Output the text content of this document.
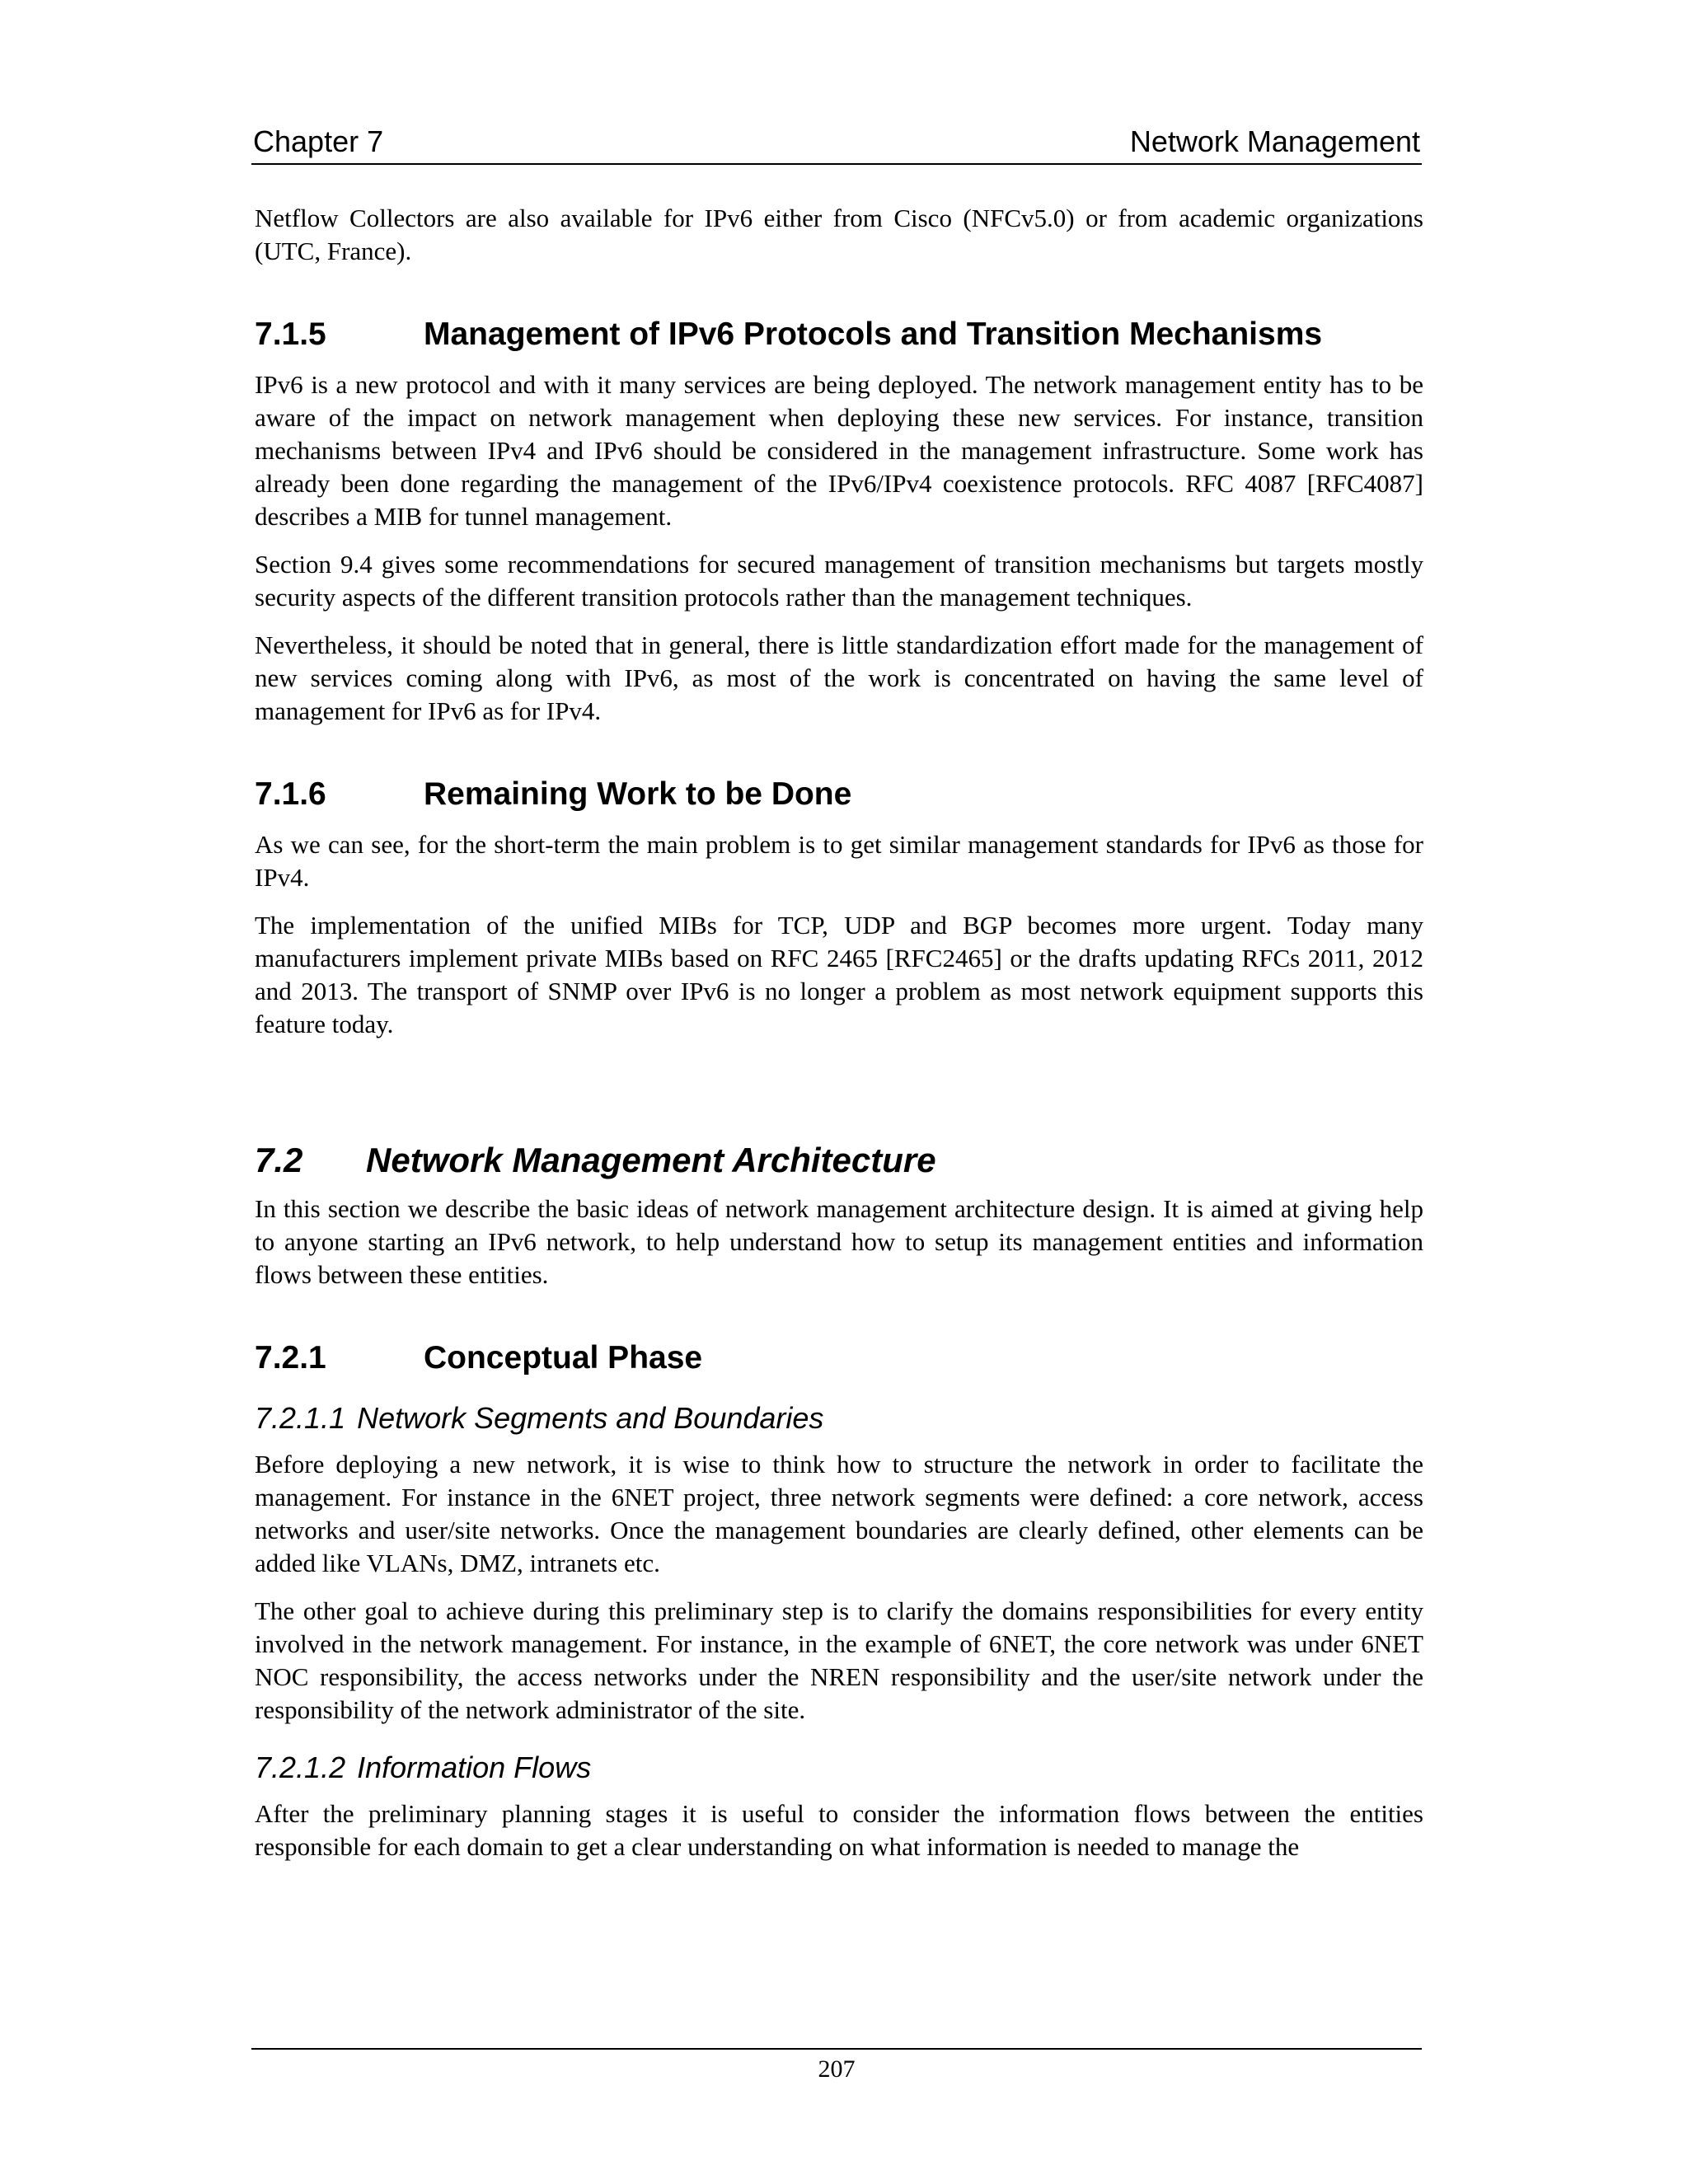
Chapter 7	Network Management

Netflow Collectors are also available for IPv6 either from Cisco (NFCv5.0) or from academic organizations (UTC, France).

7.1.5	Management of IPv6 Protocols and Transition Mechanisms

IPv6 is a new protocol and with it many services are being deployed. The network management entity has to be aware of the impact on network management when deploying these new services. For instance, transition mechanisms between IPv4 and IPv6 should be considered in the management infrastructure. Some work has already been done regarding the management of the IPv6/IPv4 coexistence protocols. RFC 4087 [RFC4087] describes a MIB for tunnel management.

Section 9.4 gives some recommendations for secured management of transition mechanisms but targets mostly security aspects of the different transition protocols rather than the management techniques.

Nevertheless, it should be noted that in general, there is little standardization effort made for the management of new services coming along with IPv6, as most of the work is concentrated on having the same level of management for IPv6 as for IPv4.

7.1.6	Remaining Work to be Done

As we can see, for the short-term the main problem is to get similar management standards for IPv6 as those for IPv4.

The implementation of the unified MIBs for TCP, UDP and BGP becomes more urgent. Today many manufacturers implement private MIBs based on RFC 2465 [RFC2465] or the drafts updating RFCs 2011, 2012 and 2013. The transport of SNMP over IPv6 is no longer a problem as most network equipment supports this feature today.

7.2 Network Management Architecture

In this section we describe the basic ideas of network management architecture design. It is aimed at giving help to anyone starting an IPv6 network, to help understand how to setup its management entities and information flows between these entities.

7.2.1	Conceptual Phase
7.2.1.1 Network Segments and Boundaries

Before deploying a new network, it is wise to think how to structure the network in order to facilitate the management. For instance in the 6NET project, three network segments were defined: a core network, access networks and user/site networks. Once the management boundaries are clearly defined, other elements can be added like VLANs, DMZ, intranets etc.

The other goal to achieve during this preliminary step is to clarify the domains responsibilities for every entity involved in the network management. For instance, in the example of 6NET, the core network was under 6NET NOC responsibility, the access networks under the NREN responsibility and the user/site network under the responsibility of the network administrator of the site.

7.2.1.2 Information Flows

After the preliminary planning stages it is useful to consider the information flows between the entities responsible for each domain to get a clear understanding on what information is needed to manage the

207
